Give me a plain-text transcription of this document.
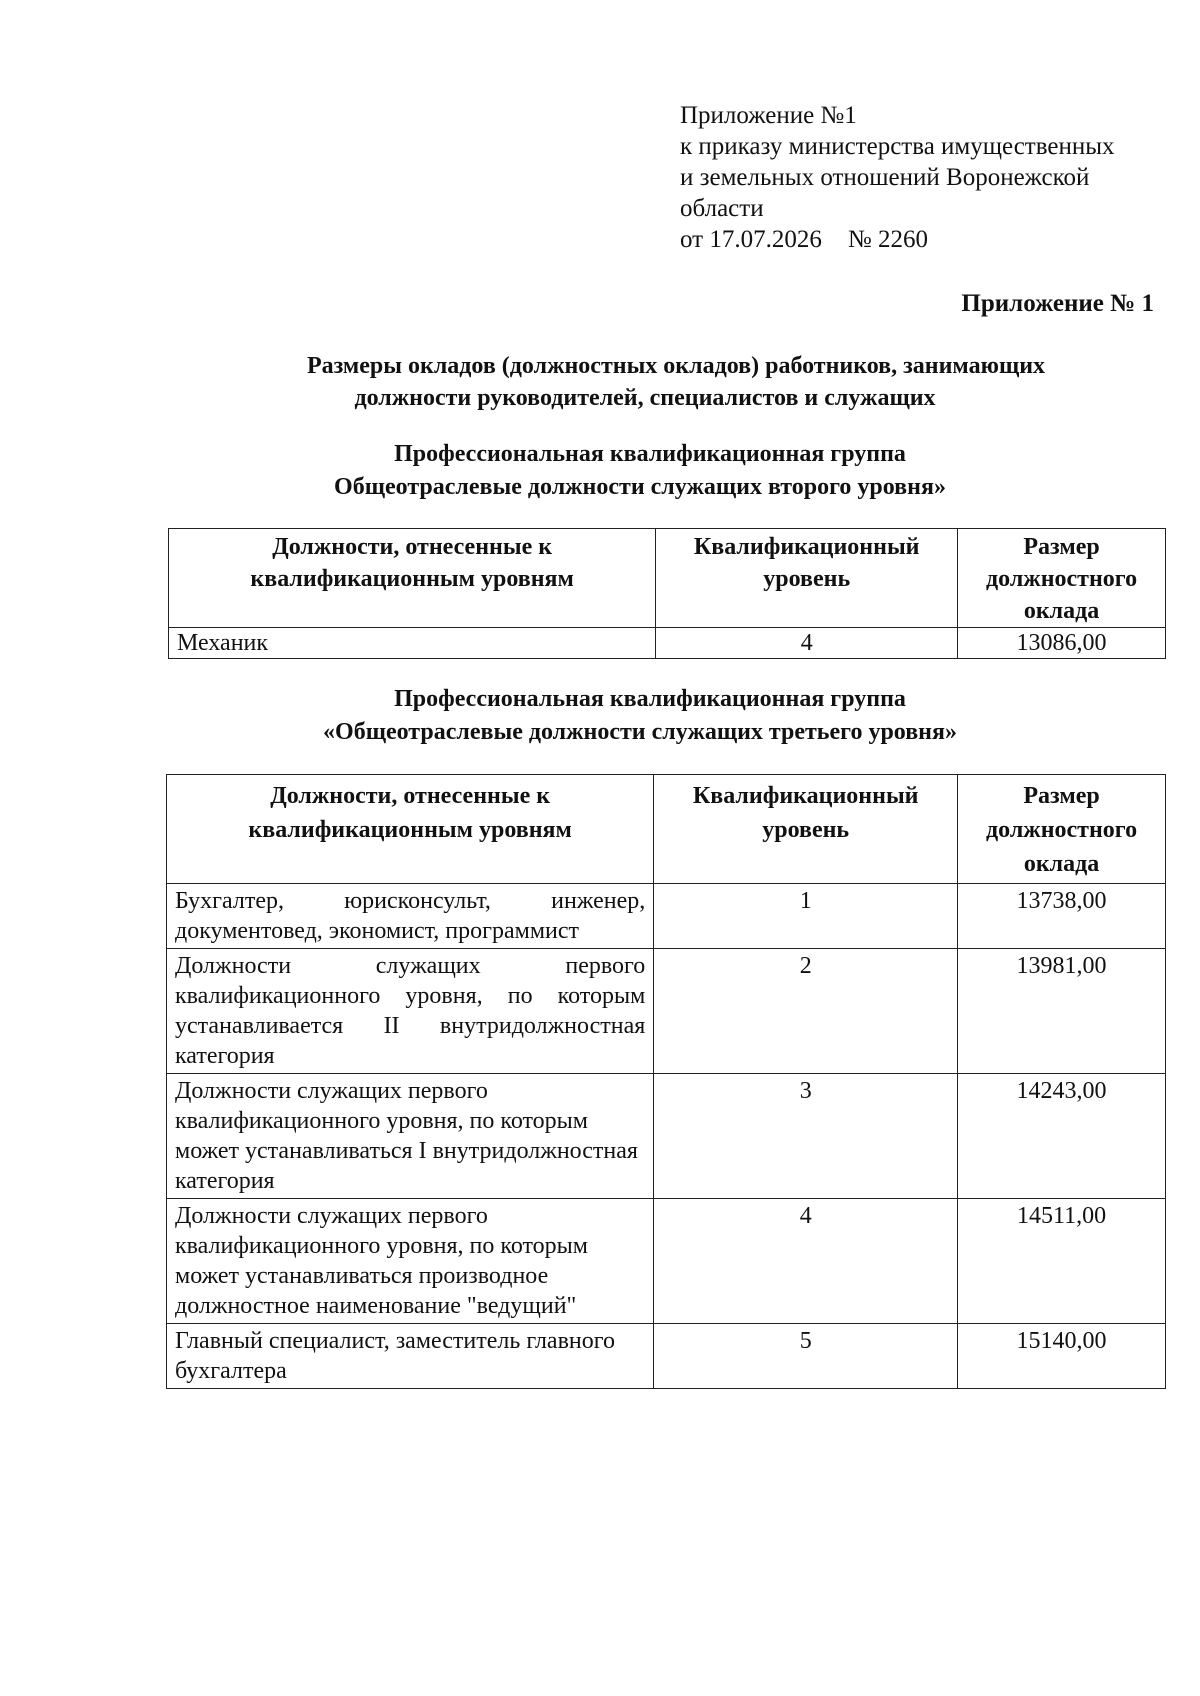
Приложение №1
к приказу министерства имущественных
и земельных отношений Воронежской
области
от 17.07.2026 № 2260
Приложение № 1
Размеры окладов (должностных окладов) работников, занимающих
должности руководителей, специалистов и служащих
Профессиональная квалификационная группа
Общеотраслевые должности служащих второго уровня»
Должности, отнесенные к квалификационным уровням	Квалификационный уровень	Размер должностного оклада
Механик	4	13086,00
Профессиональная квалификационная группа
«Общеотраслевые должности служащих третьего уровня»
Должности, отнесенные к квалификационным уровням	Квалификационный уровень	Размер должностного оклада
Бухгалтер, юрисконсульт, инженер, документовед, экономист, программист	1	13738,00
Должности служащих первого квалификационного уровня, по которым устанавливается II внутридолжностная категория	2	13981,00
Должности служащих первого квалификационного уровня, по которым может устанавливаться I внутридолжностная категория	3	14243,00
Должности служащих первого квалификационного уровня, по которым может устанавливаться производное должностное наименование "ведущий"	4	14511,00
Главный специалист, заместитель главного бухгалтера	5	15140,00
